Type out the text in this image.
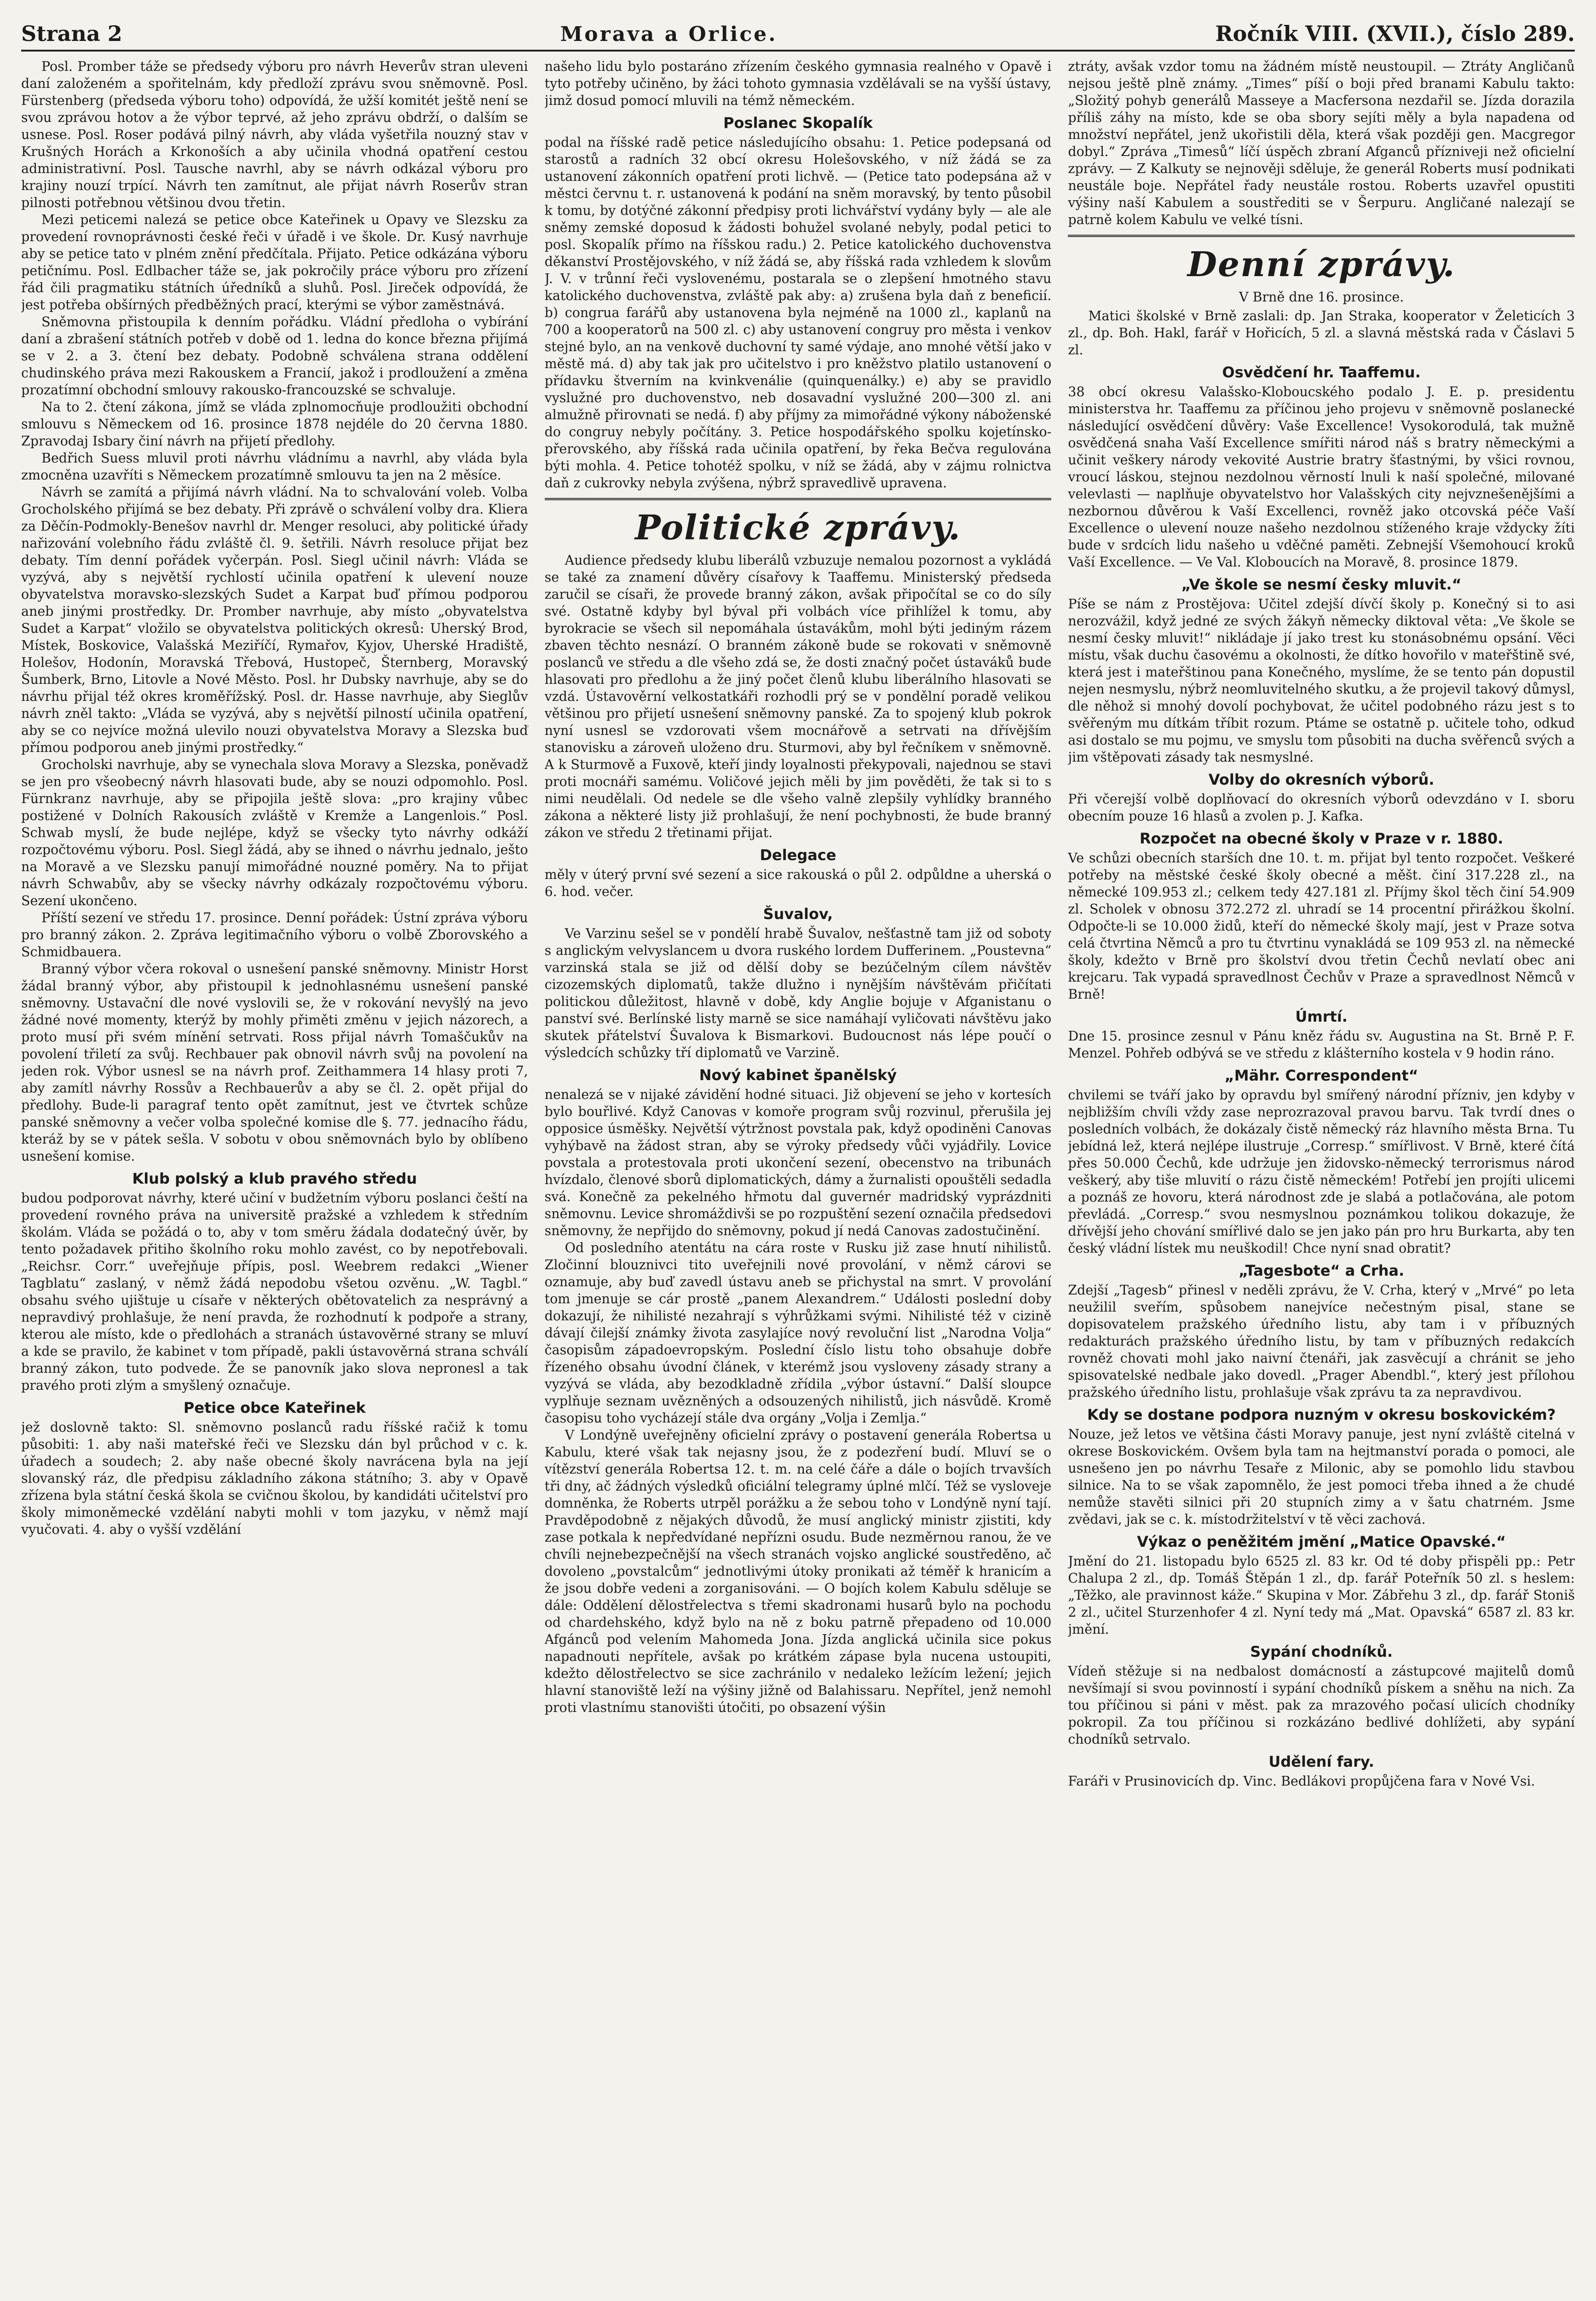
Strana 2	Morava a Orlice.	Ročník VIII. (XVII.), číslo 289.

Posl. Promber táže se předsedy výboru pro návrh Heverův stran uleveni daní založeném a spořitelnám, kdy předloží zprávu svou sněmovně. Posl. Fürstenberg (předseda výboru toho) odpovídá, že užší komitét ještě není se svou zprávou hotov a že výbor teprvé, až jeho zprávu obdrží, o dalším se usnese. Posl. Roser podává pilný návrh, aby vláda vyšetřila nouzný stav v Krušných Horách a Krkonoších a aby učinila vhodná opatření cestou administrativní. Posl. Tausche navrhl, aby se návrh odkázal výboru pro krajiny nouzí trpící. Návrh ten zamítnut, ale přijat návrh Roserův stran pilnosti potřebnou většinou dvou třetin.

Mezi peticemi nalezá se petice obce Kateřinek u Opavy ve Slezsku za provedení rovnoprávnosti české řeči v úřadě i ve škole. Dr. Kusý navrhuje aby se petice tato v plném znění předčítala. Přijato. Petice odkázána výboru petičnímu. Posl. Edlbacher táže se, jak pokročily práce výboru pro zřízení řád čili pragmatiku státních úředníků a sluhů. Posl. Jireček odpovídá, že jest potřeba obšírných předběžných prací, kterými se výbor zaměstnává.

Sněmovna přistoupila k denním pořádku. Vládní předloha o vybírání daní a zbrašení státních potřeb v době od 1. ledna do konce března přijímá se v 2. a 3. čtení bez debaty. Podobně schválena strana oddělení chudinského práva mezi Rakouskem a Francií, jakož i prodloužení a změna prozatímní obchodní smlouvy rakousko-francouzské se schvaluje.

Na to 2. čtení zákona, jímž se vláda zplnomocňuje prodloužiti obchodní smlouvu s Německem od 16. prosince 1878 nejdéle do 20 června 1880. Zpravodaj Isbary činí návrh na přijetí předlohy.

Bedřich Suess mluvil proti návrhu vládnímu a navrhl, aby vláda byla zmocněna uzavříti s Německem prozatímně smlouvu ta jen na 2 měsíce.

Návrh se zamítá a přijímá návrh vládní. Na to schvalování voleb. Volba Grocholského přijímá se bez debaty. Při zprávě o schválení volby dra. Kliera za Děčín-Podmokly-Benešov navrhl dr. Menger resoluci, aby politické úřady nařizování volebního řádu zvláště čl. 9. šetřili. Návrh resoluce přijat bez debaty. Tím denní pořádek vyčerpán. Posl. Siegl učinil návrh: Vláda se vyzývá, aby s největší rychlostí učinila opatření k ulevení nouze obyvatelstva moravsko-slezských Sudet a Karpat buď přímou podporou aneb jinými prostředky. Dr. Promber navrhuje, aby místo „obyvatelstva Sudet a Karpat“ vložilo se obyvatelstva politických okresů: Uherský Brod, Místek, Boskovice, Valašská Meziříčí, Rymařov, Kyjov, Uherské Hradiště, Holešov, Hodonín, Moravská Třebová, Hustopeč, Šternberg, Moravský Šumberk, Brno, Litovle a Nové Město. Posl. hr Dubsky navrhuje, aby se do návrhu přijal též okres kroměřížský. Posl. dr. Hasse navrhuje, aby Sieglův návrh zněl takto: „Vláda se vyzývá, aby s největší pilností učinila opatření, aby se co nejvíce možná ulevilo nouzi obyvatelstva Moravy a Slezska buď přímou podporou aneb jinými prostředky.“

Grocholski navrhuje, aby se vynechala slova Moravy a Slezska, poněvadž se jen pro všeobecný návrh hlasovati bude, aby se nouzi odpomohlo. Posl. Fürnkranz navrhuje, aby se připojila ještě slova: „pro krajiny vůbec postižené v Dolních Rakousích zvláště v Kremže a Langenlois.“ Posl. Schwab myslí, že bude nejlépe, když se všecky tyto návrhy odkáží rozpočtovému výboru. Posl. Siegl žádá, aby se ihned o návrhu jednalo, ješto na Moravě a ve Slezsku panují mimořádné nouzné poměry. Na to přijat návrh Schwabův, aby se všecky návrhy odkázaly rozpočtovému výboru. Sezení ukončeno.

Příští sezení ve středu 17. prosince. Denní pořádek: Ústní zpráva výboru pro branný zákon. 2. Zpráva legitimačního výboru o volbě Zborovského a Schmidbauera.

Branný výbor včera rokoval o usnešení panské sněmovny. Ministr Horst žádal branný výbor, aby přistoupil k jednohlasnému usnešení panské sněmovny. Ustavační dle nové vyslovili se, že v rokování nevyšlý na jevo žádné nové momenty, kterýž by mohly přiměti změnu v jejich názorech, a proto musí při svém mínění setrvati. Ross přijal návrh Tomaščukův na povolení třiletí za svůj. Rechbauer pak obnovil návrh svůj na povolení na jeden rok. Výbor usnesl se na návrh prof. Zeithammera 14 hlasy proti 7, aby zamítl návrhy Rossův a Rechbauerův a aby se čl. 2. opět přijal do předlohy. Bude-li paragraf tento opět zamítnut, jest ve čtvrtek schůze panské sněmovny a večer volba společné komise dle §. 77. jednacího řádu, kteráž by se v pátek sešla. V sobotu v obou sněmovnách bylo by oblíbeno usnešení komise.

Klub polský a klub pravého středu

budou podporovat návrhy, které učiní v budžetním výboru poslanci čeští na provedení rovného práva na universitě pražské a vzhledem k středním školám. Vláda se požádá o to, aby v tom směru žádala dodatečný úvěr, by tento požadavek přitiho školního roku mohlo zavést, co by nepotřebovali. „Reichsr. Corr.“ uveřejňuje přípis, posl. Weebrem redakci „Wiener Tagblatu“ zaslaný, v němž žádá nepodobu všetou ozvěnu. „W. Tagbl.“ obsahu svého ujištuje u císaře v některých obětovatelich za nesprávný a nepravdivý prohlašuje, že není pravda, že rozhodnutí k podpoře a strany, kterou ale místo, kde o předlohách a stranách ústavověrné strany se mluví a kde se pravilo, že kabinet v tom případě, pakli ústavověrná strana schválí branný zákon, tuto podvede. Že se panovník jako slova nepronesl a tak pravého proti zlým a smyšlený označuje.

Petice obce Kateřinek

jež doslovně takto: Sl. sněmovno poslanců radu říšské račiž k tomu působiti: 1. aby naši mateřské řeči ve Slezsku dán byl průchod v c. k. úřadech a soudech; 2. aby naše obecné školy navrácena byla na její slovanský ráz, dle předpisu základního zákona státního; 3. aby v Opavě zřízena byla státní česká škola se cvičnou školou, by kandidáti učitelství pro školy mimoněmecké vzdělání nabyti mohli v tom jazyku, v němž mají vyučovati. 4. aby o vyšší vzdělání

našeho lidu bylo postaráno zřízením českého gymnasia realného v Opavě i tyto potřeby učiněno, by žáci tohoto gymnasia vzdělávali se na vyšší ústavy, jimž dosud pomocí mluvili na témž německém.

Poslanec Skopalík

podal na říšské radě petice následujícího obsahu: 1. Petice podepsaná od starostů a radních 32 obcí okresu Holešovského, v níž žádá se za ustanovení zákonních opatření proti lichvě. — (Petice tato podepsána až v městci červnu t. r. ustanovená k podání na sněm moravský, by tento působil k tomu, by dotýčné zákonní předpisy proti lichvářství vydány byly — ale ale sněmy zemské doposud k žádosti bohužel svolané nebyly, podal petici to posl. Skopalík přímo na říšskou radu.) 2. Petice katolického duchovenstva děkanství Prostějovského, v níž žádá se, aby říšská rada vzhledem k slovům J. V. v trůnní řeči vyslovenému, postarala se o zlepšení hmotného stavu katolického duchovenstva, zvláště pak aby: a) zrušena byla daň z beneficií. b) congrua farářů aby ustanovena byla nejméně na 1000 zl., kaplanů na 700 a kooperatorů na 500 zl. c) aby ustanovení congruy pro města i venkov stejné bylo, an na venkově duchovní ty samé výdaje, ano mnohé větší jako v městě má. d) aby tak jak pro učitelstvo i pro kněžstvo platilo ustanovení o přídavku štverním na kvinkvenálie (quinquenálky.) e) aby se pravidlo vyslužné pro duchovenstvo, neb dosavadní vyslužné 200—300 zl. ani almužně přirovnati se nedá. f) aby příjmy za mimořádné výkony náboženské do congruy nebyly počítány. 3. Petice hospodářského spolku kojetínsko-přerovského, aby říšská rada učinila opatření, by řeka Bečva regulována býti mohla. 4. Petice tohotéž spolku, v níž se žádá, aby v zájmu rolnictva daň z cukrovky nebyla zvýšena, nýbrž spravedlivě upravena.

Politické zprávy.

Audience předsedy klubu liberálů vzbuzuje nemalou pozornost a vykládá se také za znamení důvěry císařovy k Taaffemu. Ministerský předseda zaručil se císaři, že provede branný zákon, avšak připočítal se co do síly své. Ostatně kdyby byl býval při volbách více přihlížel k tomu, aby byrokracie se všech sil nepomáhala ústavákům, mohl býti jediným rázem zbaven těchto nesnází. O branném zákoně bude se rokovati v sněmovně poslanců ve středu a dle všeho zdá se, že dosti značný počet ústaváků bude hlasovati pro předlohu a že jiný počet členů klubu liberálního hlasovati se vzdá. Ústavověrní velkostatkáři rozhodli prý se v pondělní poradě velikou většinou pro přijetí usnešení sněmovny panské. Za to spojený klub pokrok nyní usnesl se vzdorovati všem mocnářově a setrvati na dřívějším stanovisku a zároveň uloženo dru. Sturmovi, aby byl řečníkem v sněmovně. A k Sturmově a Fuxově, kteří jindy loyalnosti překypovali, najednou se stavi proti mocnáři samému. Voličové jejich měli by jim pověděti, že tak si to s nimi neudělali. Od nedele se dle všeho valně zlepšily vyhlídky branného zákona a některé listy již prohlašují, že není pochybnosti, že bude branný zákon ve středu 2 třetinami přijat.

Delegace

měly v úterý první své sezení a sice rakouská o půl 2. odpůldne a uherská o 6. hod. večer.

Šuvalov,

Ve Varzinu sešel se v pondělí hrabě Šuvalov, nešťastně tam již od soboty s anglickým velvyslancem u dvora ruského lordem Dufferinem. „Poustevna“ varzinská stala se již od dělší doby se bezúčelným cílem návštěv cizozemských diplomatů, takže dlužno i nynějším návštěvám přičítati politickou důležitost, hlavně v době, kdy Anglie bojuje v Afganistanu o panství své. Berlínské listy marně se sice namáhají vyličovati návštěvu jako skutek přátelství Šuvalova k Bismarkovi. Budoucnost nás lépe poučí o výsledcích schůzky tří diplomatů ve Varzině.

Nový kabinet španělský

nenalezá se v nijaké závidění hodné situaci. Již objevení se jeho v kortesích bylo bouřlivé. Když Canovas v komoře program svůj rozvinul, přerušila jej opposice úsměšky. Největší výtržnost povstala pak, když opodiněni Canovas vyhýbavě na žádost stran, aby se výroky předsedy vůči vyjádřily. Lovice povstala a protestovala proti ukončení sezení, obecenstvo na tribunách hvízdalo, členové sborů diplomatických, dámy a žurnalisti opouštěli sedadla svá. Konečně za pekelného hřmotu dal guvernér madridský vyprázdniti sněmovnu. Levice shromáždivši se po rozpuštění sezení označila předsedovi sněmovny, že nepřijdo do sněmovny, pokud jí nedá Canovas zadostučinění.

Od posledního atentátu na cára roste v Rusku již zase hnutí nihilistů. Zločinní blouznivci tito uveřejnili nové provolání, v němž cárovi se oznamuje, aby buď zavedl ústavu aneb se přichystal na smrt. V provolání tom jmenuje se cár prostě „panem Alexandrem.“ Události poslední doby dokazují, že nihilisté nezahrají s výhrůžkami svými. Nihilisté též v cizině dávají čilejší známky života zasylajíce nový revoluční list „Narodna Volja“ časopisům západoevropským. Poslední číslo listu toho obsahuje dobře řízeného obsahu úvodní článek, v kterémž jsou vysloveny zásady strany a vyzývá se vláda, aby bezodkladně zřídila „výbor ústavní.“ Další sloupce vyplňuje seznam uvězněných a odsouzených nihilistů, jich násvůdě. Kromě časopisu toho vycházejí stále dva orgány „Volja i Zemlja.“

V Londýně uveřejněny oficielní zprávy o postavení generála Robertsa u Kabulu, které však tak nejasny jsou, že z podezření budí. Mluví se o vítězství generála Robertsa 12. t. m. na celé čáře a dále o bojích trvavších tři dny, ač žádných výsledků oficiální telegramy úplné mlčí. Též se vysloveje domněnka, že Roberts utrpěl porážku a že sebou toho v Londýně nyní tají. Pravděpodobně z nějakých důvodů, že musí anglický ministr zjistiti, kdy zase potkala k nepředvídané nepřízni osudu. Bude nezměrnou ranou, že ve chvíli nejnebezpečnější na všech stranách vojsko anglické soustředěno, ač dovoleno „povstalcům“ jednotlivými útoky pronikati až téměř k hranicím a že jsou dobře vedeni a zorganisováni. — O bojích kolem Kabulu sděluje se dále: Oddělení dělostřelectva s třemi skadronami husarů bylo na pochodu od chardehského, když bylo na ně z boku patrně přepadeno od 10.000 Afgánců pod velením Mahomeda Jona. Jízda anglická učinila sice pokus napadnouti nepřítele, avšak po krátkém zápase byla nucena ustoupiti, kdežto dělostřelectvo se sice zachránilo v nedaleko ležícím ležení; jejich hlavní stanoviště leží na výšiny jižně od Balahissaru. Nepřítel, jenž nemohl proti vlastnímu stanovišti útočiti, po obsazení výšin

ztráty, avšak vzdor tomu na žádném místě neustoupil. — Ztráty Angličanů nejsou ještě plně známy. „Times“ píší o boji před branami Kabulu takto: „Složitý pohyb generálů Masseye a Macfersona nezdařil se. Jízda dorazila příliš záhy na místo, kde se oba sbory sejíti měly a byla napadena od množství nepřátel, jenž ukořistili děla, která však později gen. Macgregor dobyl.“ Zpráva „Timesů“ líčí úspěch zbraní Afganců přízniveji než oficielní zprávy. — Z Kalkuty se nejnověji sděluje, že generál Roberts musí podnikati neustále boje. Nepřátel řady neustále rostou. Roberts uzavřel opustiti výšiny naší Kabulem a soustřediti se v Šerpuru. Angličané nalezají se patrně kolem Kabulu ve velké tísni.

Denní zprávy.
V Brně dne 16. prosince.

Matici školské v Brně zaslali: dp. Jan Straka, kooperator v Želeticích 3 zl., dp. Boh. Hakl, farář v Hořicích, 5 zl. a slavná městská rada v Čáslavi 5 zl.

Osvědčení hr. Taaffemu.

38 obcí okresu Valašsko-Kloboucského podalo J. E. p. presidentu ministerstva hr. Taaffemu za příčinou jeho projevu v sněmovně poslanecké následující osvědčení důvěry: Vaše Excellence! Vysokorodulá, tak mužně osvědčená snaha Vaší Excellence smířiti národ náš s bratry německými a učinit veškery národy vekovité Austrie bratry šťastnými, by všici rovnou, vroucí láskou, stejnou nezdolnou věrností lnuli k naší společné, milované velevlasti — naplňuje obyvatelstvo hor Valašských city nejvznešenějšími a nezbornou důvěrou k Vaší Excellenci, rovněž jako otcovská péče Vaší Excellence o ulevení nouze našeho nezdolnou stíženého kraje vždycky žíti bude v srdcích lidu našeho u vděčné paměti. Zebnejší Všemohoucí kroků Vaší Excellence. — Ve Val. Kloboucích na Moravě, 8. prosince 1879.

„Ve škole se nesmí česky mluvit.“

Píše se nám z Prostějova: Učitel zdejší dívčí školy p. Konečný si to asi nerozvážil, když jedné ze svých žákyň německy diktoval věta: „Ve škole se nesmí česky mluvit!“ nikládaje jí jako trest ku stonásobnému opsání. Věci místu, však duchu časovému a okolnosti, že dítko hovořilo v mateřštině své, která jest i mateřštinou pana Konečného, myslíme, že se tento pán dopustil nejen nesmyslu, nýbrž neomluvitelného skutku, a že projevil takový důmysl, dle něhož si mnohý dovolí pochybovat, že učitel podobného rázu jest s to svěřeným mu dítkám tříbit rozum. Ptáme se ostatně p. učitele toho, odkud asi dostalo se mu pojmu, ve smyslu tom působiti na ducha svěřenců svých a jim vštěpovati zásady tak nesmyslné.

Volby do okresních výborů.

Při včerejší volbě doplňovací do okresních výborů odevzdáno v I. sboru obecním pouze 16 hlasů a zvolen p. J. Kafka.

Rozpočet na obecné školy v Praze v r. 1880.

Ve schůzi obecních starších dne 10. t. m. přijat byl tento rozpočet. Veškeré potřeby na městské české školy obecné a měšt. činí 317.228 zl., na německé 109.953 zl.; celkem tedy 427.181 zl. Příjmy škol těch činí 54.909 zl. Scholek v obnosu 372.272 zl. uhradí se 14 procentní přirážkou školní. Odpočte-li se 10.000 židů, kteří do německé školy mají, jest v Praze sotva celá čtvrtina Němců a pro tu čtvrtinu vynakládá se 109 953 zl. na německé školy, kdežto v Brně pro školství dvou třetin Čechů nevlatí obec ani krejcaru. Tak vypadá spravedlnost Čechův v Praze a spravedlnost Němců v Brně!

Úmrtí.

Dne 15. prosince zesnul v Pánu kněz řádu sv. Augustina na St. Brně P. F. Menzel. Pohřeb odbývá se ve středu z klášterního kostela v 9 hodin ráno.

„Mähr. Correspondent“

chvilemi se tváří jako by opravdu byl smířený národní přízniv, jen kdyby v nejbližším chvíli vždy zase neprozrazoval pravou barvu. Tak tvrdí dnes o posledních volbách, že dokázaly čistě německý ráz hlavního města Brna. Tu jebídná lež, která nejlépe ilustruje „Corresp.“ smířlivost. V Brně, které čítá přes 50.000 Čechů, kde udržuje jen židovsko-německý terrorismus národ veškerý, aby tiše mluvití o rázu čistě německém! Potřebí jen projíti ulicemi a poznáš ze hovoru, která národnost zde je slabá a potlačována, ale potom převládá. „Corresp.“ svou nesmyslnou poznámkou tolikou dokazuje, že dřívější jeho chování smířlivé dalo se jen jako pán pro hru Burkarta, aby ten český vládní lístek mu neuškodil! Chce nyní snad obratit?

„Tagesbote“ a Crha.

Zdejší „Tagesb“ přinesl v neděli zprávu, že V. Crha, který v „Mrvé“ po leta neužilil sveřím, spůsobem nanejvíce nečestným pisal, stane se dopisovatelem pražského úředního listu, aby tam i v příbuzných redakturách pražského úředního listu, by tam v příbuzných redakcích rovněž chovati mohl jako naivní čtenáři, jak zasvěcují a chránit se jeho spisovatelské nedbale jako dovedl. „Prager Abendbl.“, který jest přílohou pražského úředního listu, prohlašuje však zprávu ta za nepravdivou.

Kdy se dostane podpora nuzným v okresu boskovickém?

Nouze, jež letos ve většina části Moravy panuje, jest nyní zvláště citelná v okrese Boskovickém. Ovšem byla tam na hejtmanství porada o pomoci, ale usnešeno jen po návrhu Tesaře z Milonic, aby se pomohlo lidu stavbou silnice. Na to se však zapomnělo, že jest pomoci třeba ihned a že chudé nemůže stavěti silnici při 20 stupních zimy a v šatu chatrném. Jsme zvědavi, jak se c. k. místodržitelství v tě věci zachová.

Výkaz o peněžitém jmění „Matice Opavské.“

Jmění do 21. listopadu bylo 6525 zl. 83 kr. Od té doby přispěli pp.: Petr Chalupa 2 zl., dp. Tomáš Štěpán 1 zl., dp. farář Poteřník 50 zl. s heslem: „Těžko, ale pravinnost káže.“ Skupina v Mor. Zábřehu 3 zl., dp. farář Stoniš 2 zl., učitel Sturzenhofer 4 zl. Nyní tedy má „Mat. Opavská“ 6587 zl. 83 kr. jmění.

Sypání chodníků.

Vídeň stěžuje si na nedbalost domácností a zástupcové majitelů domů nevšímají si svou povinností i sypání chodníků pískem a sněhu na nich. Za tou příčinou si páni v měst. pak za mrazového počasí ulicích chodníky pokropil. Za tou příčinou si rozkázáno bedlivé dohlížeti, aby sypání chodníků setrvalo.

Udělení fary.

Faráři v Prusinovicích dp. Vinc. Bedlákovi propůjčena fara v Nové Vsi.
